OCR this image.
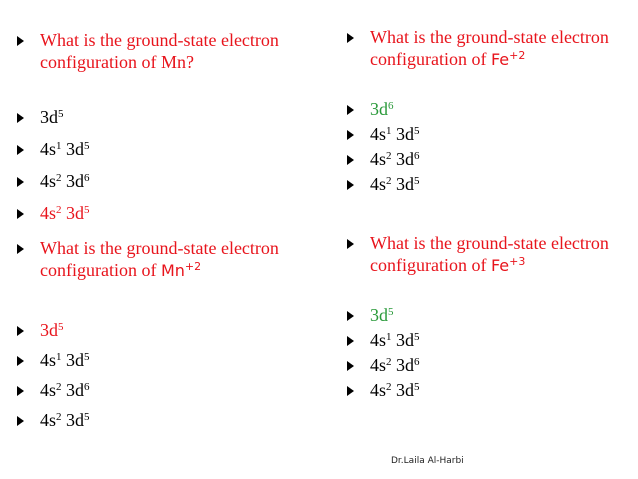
What is the ground-state electron configuration of Mn?
$3d^5$
$4s^1$ $3d^5$
$4s^2$ $3d^6$
$4s^2$ $3d^5$
What is the ground-state electron configuration of $Mn^{+2}$
$3d^5$
$4s^1$ $3d^5$
$4s^2$ $3d^6$
$4s^2$ $3d^5$
What is the ground-state electron configuration of $Fe^{+2}$
$3d^6$
$4s^1$ $3d^5$
$4s^2$ $3d^6$
$4s^2$ $3d^5$
What is the ground-state electron configuration of $Fe^{+3}$
$3d^5$
$4s^1$ $3d^5$
$4s^2$ $3d^6$
$4s^2$ $3d^5$
Dr.Laila Al-Harbi
